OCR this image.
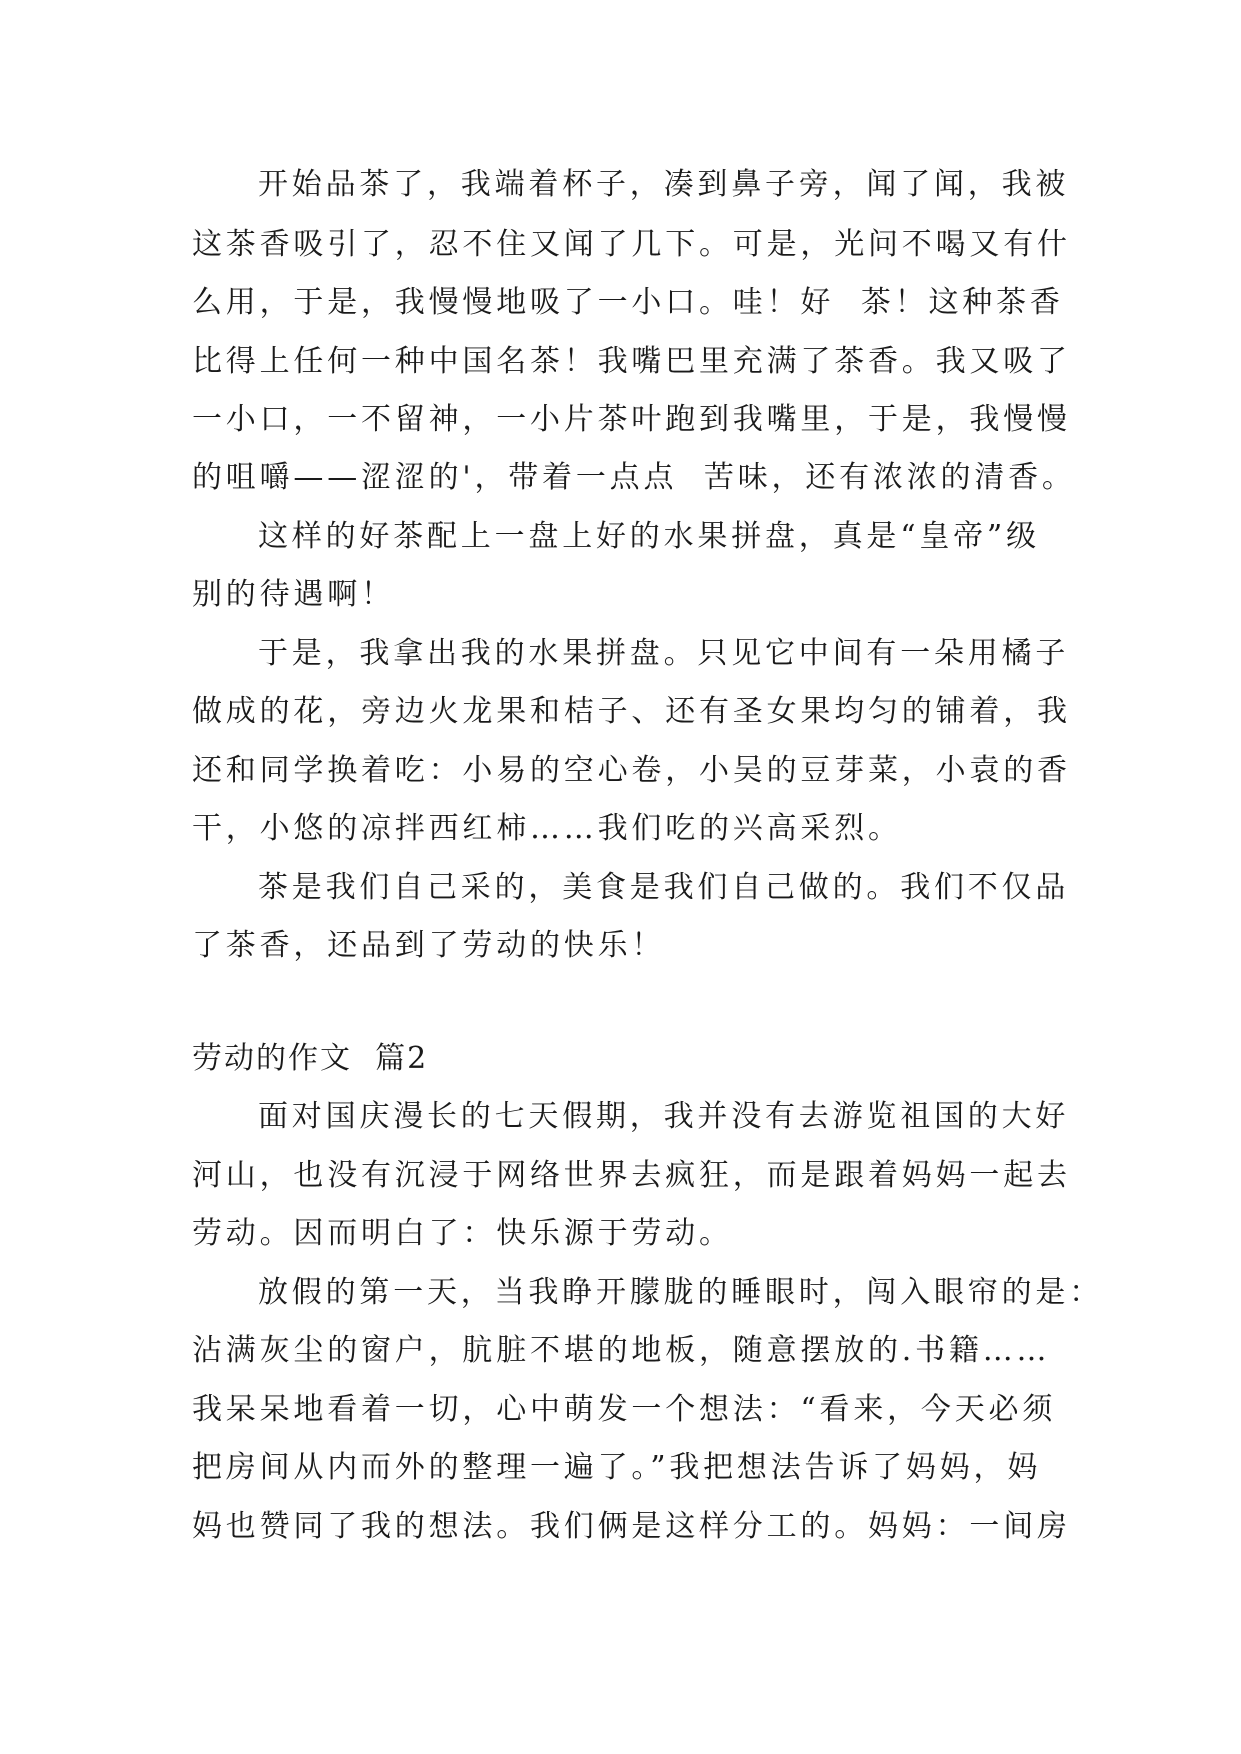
开始品茶了，我端着杯子，凑到鼻子旁，闻了闻，我被
这茶香吸引了，忍不住又闻了几下。可是，光问不喝又有什
么用，于是，我慢慢地吸了一小口。哇！好  茶！这种茶香
比得上任何一种中国名茶！我嘴巴里充满了茶香。我又吸了
一小口，一不留神，一小片茶叶跑到我嘴里，于是，我慢慢
的咀嚼——涩涩的'，带着一点点  苦味，还有浓浓的清香。
这样的好茶配上一盘上好的水果拼盘，真是“皇帝”级
别的待遇啊！
于是，我拿出我的水果拼盘。只见它中间有一朵用橘子
做成的花，旁边火龙果和桔子、还有圣女果均匀的铺着，我
还和同学换着吃：小易的空心卷，小吴的豆芽菜，小袁的香
干，小悠的凉拌西红柿……我们吃的兴高采烈。
茶是我们自己采的，美食是我们自己做的。我们不仅品
了茶香，还品到了劳动的快乐！
劳动的作文  篇2
面对国庆漫长的七天假期，我并没有去游览祖国的大好
河山，也没有沉浸于网络世界去疯狂，而是跟着妈妈一起去
劳动。因而明白了：快乐源于劳动。
放假的第一天，当我睁开朦胧的睡眼时，闯入眼帘的是：
沾满灰尘的窗户，肮脏不堪的地板，随意摆放的.书籍……
我呆呆地看着一切，心中萌发一个想法：“看来，今天必须
把房间从内而外的整理一遍了。”我把想法告诉了妈妈，妈
妈也赞同了我的想法。我们俩是这样分工的。妈妈：一间房
